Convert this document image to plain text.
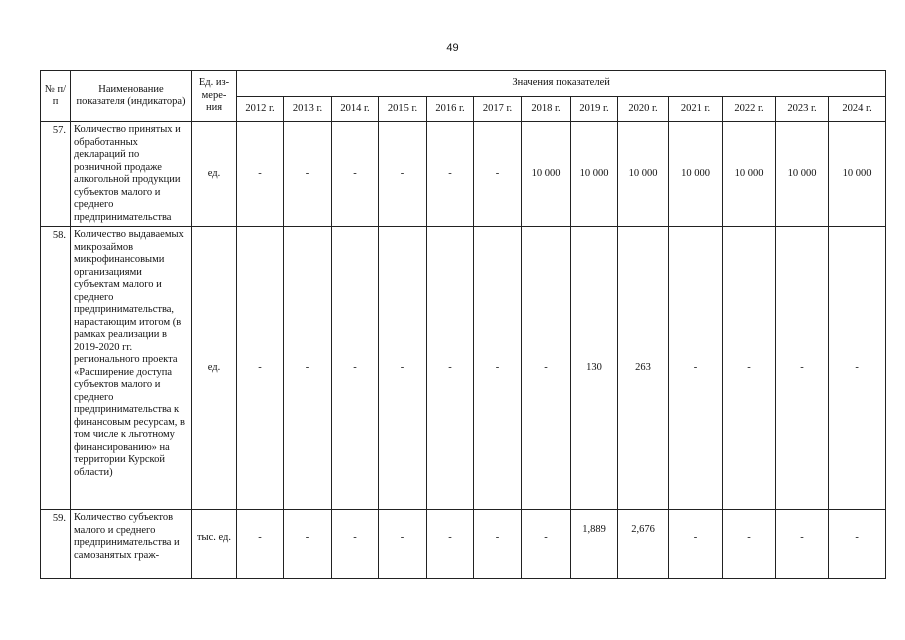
49
№ п/п	Наименование показателя (индикатора)	Ед. из-мере-ния	Значения показателей												
			2012 г.	2013 г.	2014 г.	2015 г.	2016 г.	2017 г.	2018 г.	2019 г.	2020 г.	2021 г.	2022 г.	2023 г.	2024 г.
57.	Количество принятых и обработанных деклараций по розничной продаже алкогольной продукции субъектов малого и среднего предпринимательства	ед.	-	-	-	-	-	-	10 000	10 000	10 000	10 000	10 000	10 000	10 000
58.	Количество выдаваемых микрозаймов микрофинансовыми организациями субъектам малого и среднего предпринимательства, нарастающим итогом (в рамках реализации в 2019-2020 гг. регионального проекта «Расширение доступа субъектов малого и среднего предпринимательства к финансовым ресурсам, в том числе к льготному финансированию» на территории Курской области)	ед.	-	-	-	-	-	-	-	130	263	-	-	-	-
59.	Количество субъектов малого и среднего предпринимательства и самозанятых граж-	тыс. ед.	-	-	-	-	-	-	-	1,889	2,676	-	-	-	-
